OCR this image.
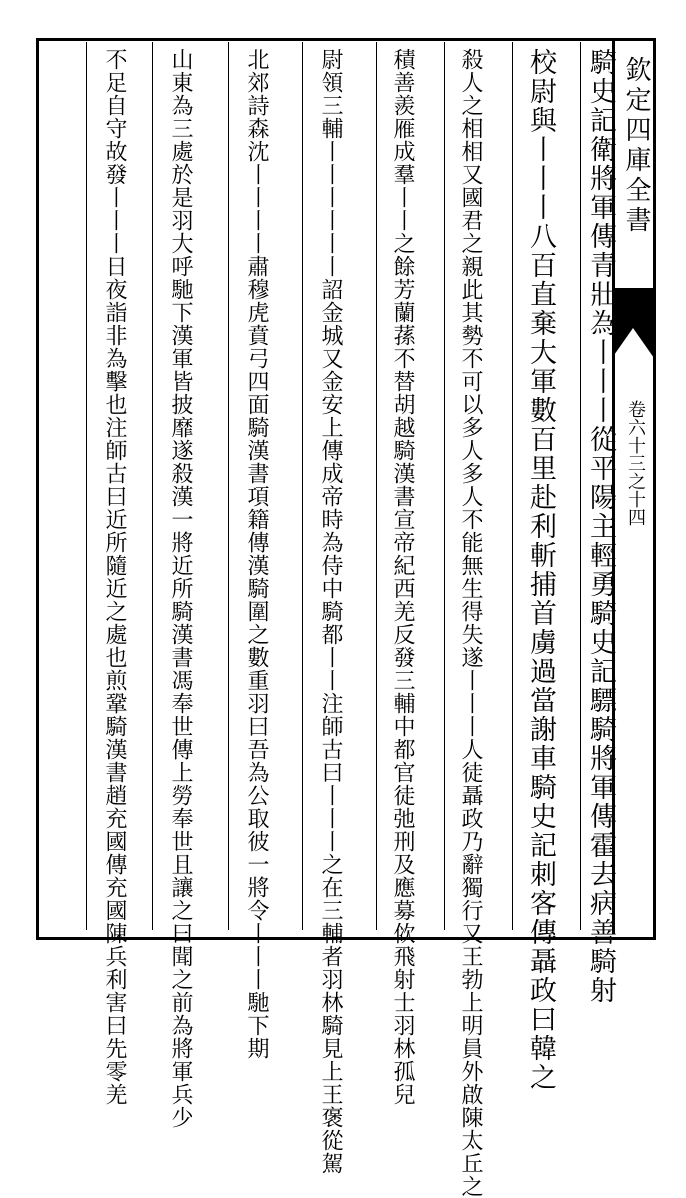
欽定四庫全書
卷六十三之十四
騎史記衛將軍傳青壯為丨丨丨從平陽主輕勇騎史記驃騎將軍傳霍去病善騎射
校尉與丨丨丨八百直棄大軍數百里赴利斬捕首虜過當謝車騎史記刺客傳聶政曰韓之
殺人之相相又國君之親此其勢不可以多人多人不能無生得失遂丨丨丨人徒聶政乃辭獨行又王勃上明員外啟陳太丘之
積善羨雁成羣丨丨之餘芳蘭蓀不替胡越騎漢書宣帝紀西羌反發三輔中都官徒弛刑及應募佽飛射士羽林孤兒
尉領三輔丨丨丨丨丨丨詔金城又金安上傳成帝時為侍中騎都丨丨注師古曰丨丨丨之在三輔者羽林騎見上王褒從駕
北郊詩森沈丨丨丨丨肅穆虎賁弓四面騎漢書項籍傳漢騎圍之數重羽曰吾為公取彼一將令丨丨丨馳下期
山東為三處於是羽大呼馳下漢軍皆披靡遂殺漢一將近所騎漢書馮奉世傳上勞奉世且讓之曰聞之前為將軍兵少
不足自守故發丨丨丨日夜詣非為擊也注師古曰近所隨近之處也煎鞏騎漢書趙充國傳充國陳兵利害曰先零羌
